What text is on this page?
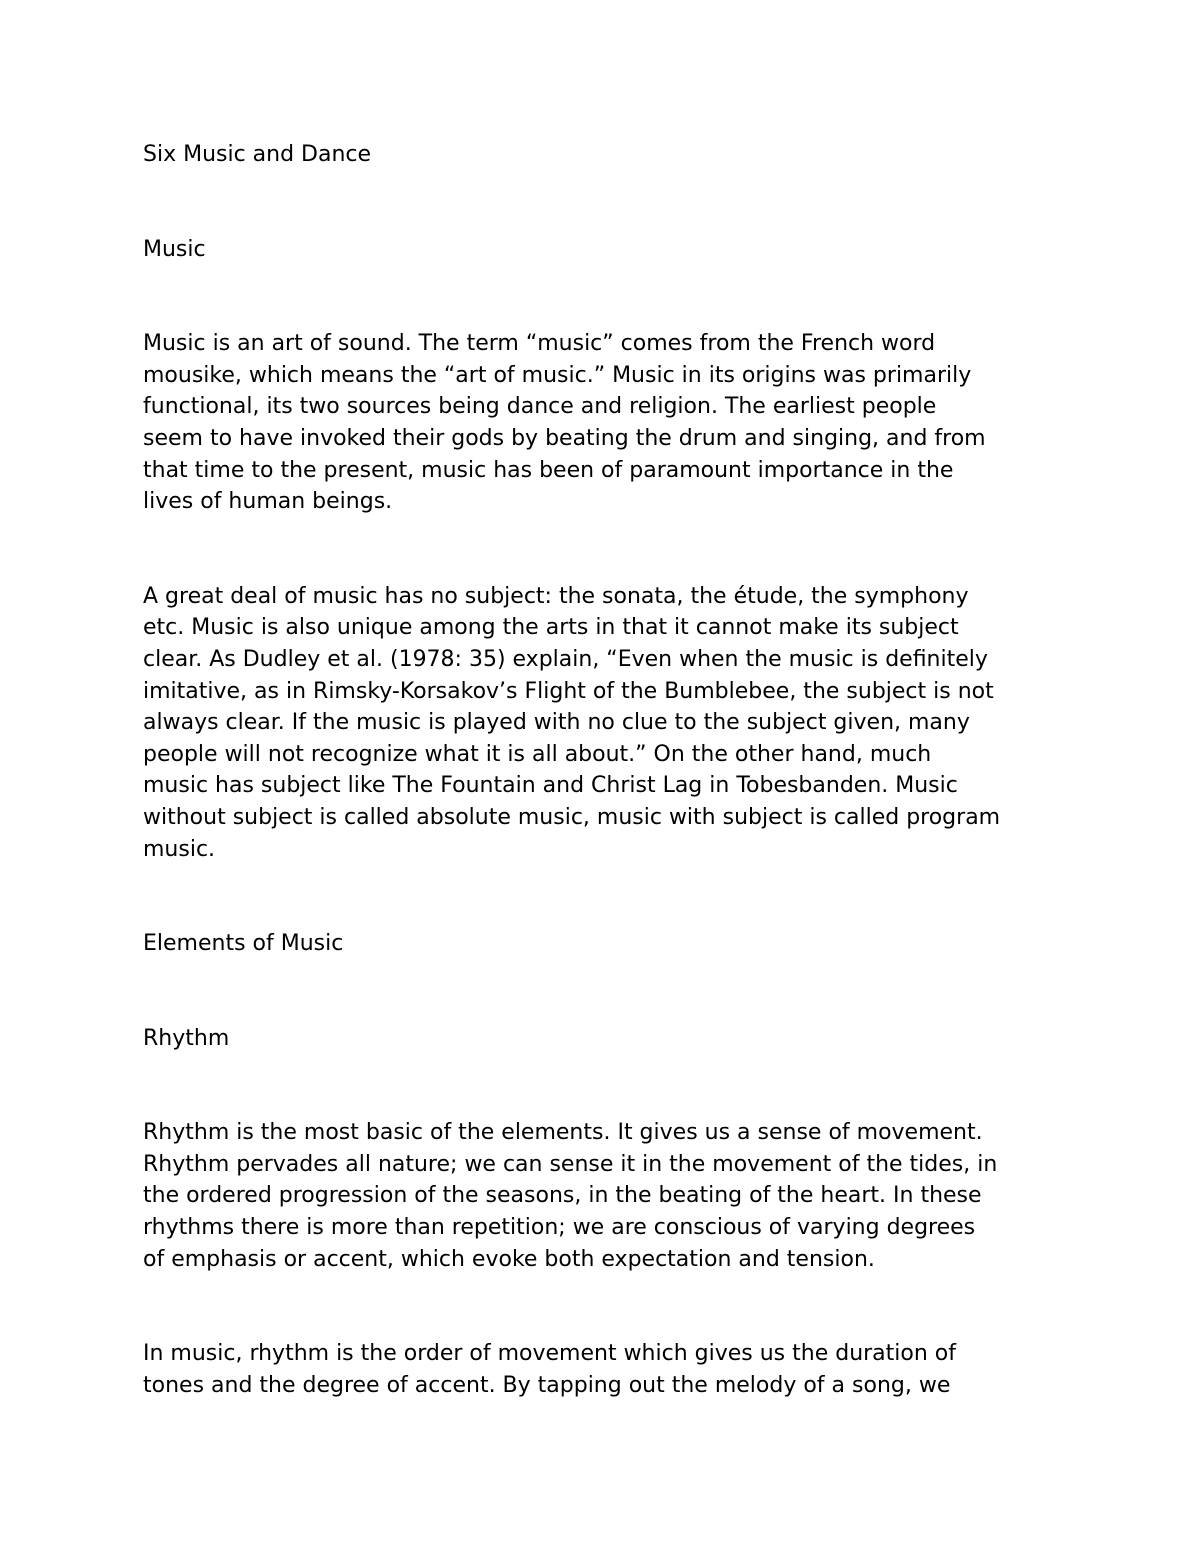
Six Music and Dance

Music

Music is an art of sound. The term “music” comes from the French word
mousike, which means the “art of music.” Music in its origins was primarily
functional, its two sources being dance and religion. The earliest people
seem to have invoked their gods by beating the drum and singing, and from
that time to the present, music has been of paramount importance in the
lives of human beings.

A great deal of music has no subject: the sonata, the étude, the symphony
etc. Music is also unique among the arts in that it cannot make its subject
clear. As Dudley et al. (1978: 35) explain, “Even when the music is definitely
imitative, as in Rimsky-Korsakov’s Flight of the Bumblebee, the subject is not
always clear. If the music is played with no clue to the subject given, many
people will not recognize what it is all about.” On the other hand, much
music has subject like The Fountain and Christ Lag in Tobesbanden. Music
without subject is called absolute music, music with subject is called program
music.

Elements of Music

Rhythm

Rhythm is the most basic of the elements. It gives us a sense of movement.
Rhythm pervades all nature; we can sense it in the movement of the tides, in
the ordered progression of the seasons, in the beating of the heart. In these
rhythms there is more than repetition; we are conscious of varying degrees
of emphasis or accent, which evoke both expectation and tension.

In music, rhythm is the order of movement which gives us the duration of
tones and the degree of accent. By tapping out the melody of a song, we
